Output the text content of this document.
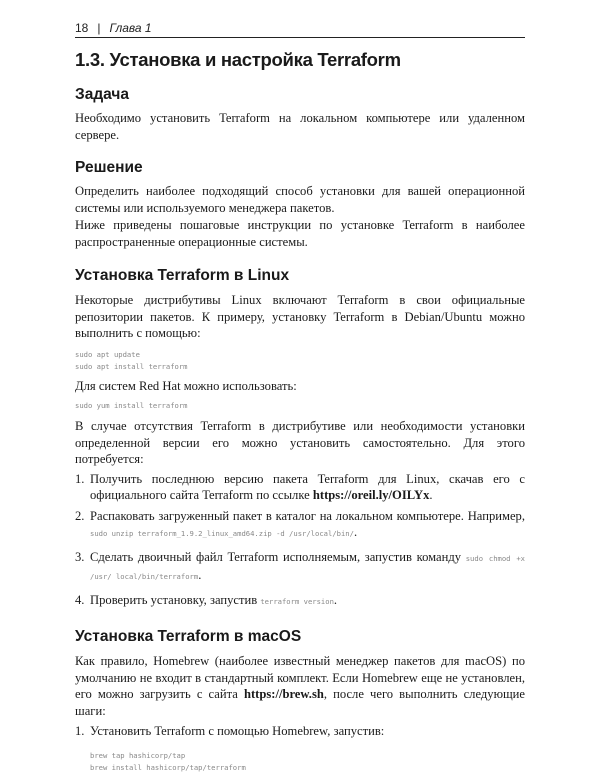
18 | Глава 1
1.3. Установка и настройка Terraform
Задача

Необходимо установить Terraform на локальном компьютере или удаленном сервере.

Решение

Определить наиболее подходящий способ установки для вашей операционной системы или используемого менеджера пакетов.

Ниже приведены пошаговые инструкции по установке Terraform в наиболее распространенные операционные системы.

Установка Terraform в Linux

Некоторые дистрибутивы Linux включают Terraform в свои официальные репозитории пакетов. К примеру, установку Terraform в Debian/Ubuntu можно выполнить с помощью:

sudo apt update
sudo apt install terraform

Для систем Red Hat можно использовать:

sudo yum install terraform

В случае отсутствия Terraform в дистрибутиве или необходимости установки определенной версии его можно установить самостоятельно. Для этого потребуется:

1. Получить последнюю версию пакета Terraform для Linux, скачав его с официального сайта Terraform по ссылке https://oreil.ly/OILYx.
2. Распаковать загруженный пакет в каталог на локальном компьютере. Например, sudo unzip terraform_1.9.2_linux_amd64.zip -d /usr/local/bin/.
3. Сделать двоичный файл Terraform исполняемым, запустив команду sudo chmod +x /usr/ local/bin/terraform.
4. Проверить установку, запустив terraform version.
Установка Terraform в macOS

Как правило, Homebrew (наиболее известный менеджер пакетов для macOS) по умолчанию не входит в стандартный комплект. Если Homebrew еще не установлен, его можно загрузить с сайта https://brew.sh, после чего выполнить следующие шаги:

1. Установить Terraform с помощью Homebrew, запустив:
brew tap hashicorp/tap
brew install hashicorp/tap/terraform
